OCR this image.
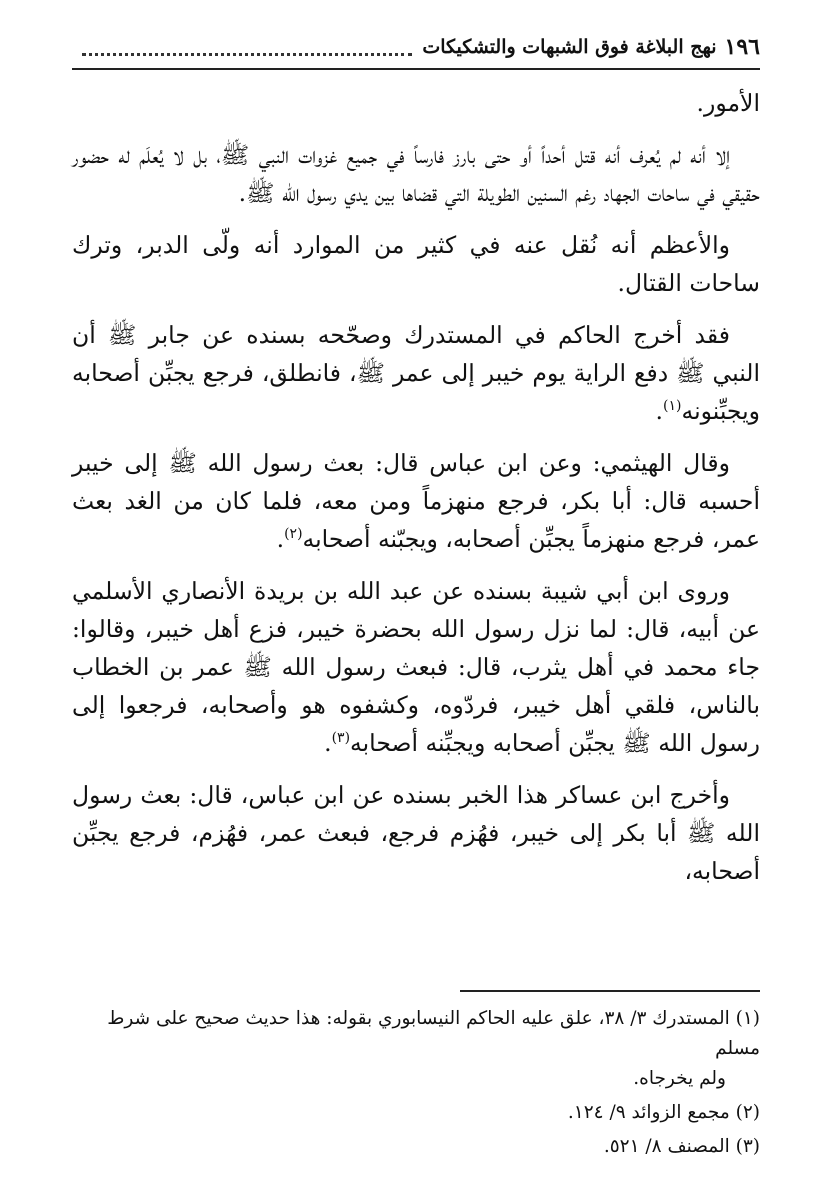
١٩٦
نهج البلاغة فوق الشبهات والتشكيكات

الأمور.

إلا أنه لم يُعرف أنه قتل أحداً أو حتى بارز فارساً في جميع غزوات النبي ﷺ، بل لا يُعلَم له حضور حقيقي في ساحات الجهاد رغم السنين الطويلة التي قضاها بين يدي رسول الله ﷺ.

والأعظم أنه نُقل عنه في كثير من الموارد أنه ولّى الدبر، وترك ساحات القتال.

فقد أخرج الحاكم في المستدرك وصحّحه بسنده عن جابر ﷺ أن النبي ﷺ دفع الراية يوم خيبر إلى عمر ﷺ، فانطلق، فرجع يجبِّن أصحابه ويجبِّنونه$^{(١)}$.

وقال الهيثمي: وعن ابن عباس قال: بعث رسول الله ﷺ إلى خيبر أحسبه قال: أبا بكر، فرجع منهزماً ومن معه، فلما كان من الغد بعث عمر، فرجع منهزماً يجبِّن أصحابه، ويجبّنه أصحابه$^{(٢)}$.

وروى ابن أبي شيبة بسنده عن عبد الله بن بريدة الأنصاري الأسلمي عن أبيه، قال: لما نزل رسول الله بحضرة خيبر، فزع أهل خيبر، وقالوا: جاء محمد في أهل يثرب، قال: فبعث رسول الله ﷺ عمر بن الخطاب بالناس، فلقي أهل خيبر، فردّوه، وكشفوه هو وأصحابه، فرجعوا إلى رسول الله ﷺ يجبِّن أصحابه ويجبِّنه أصحابه$^{(٣)}$.

وأخرج ابن عساكر هذا الخبر بسنده عن ابن عباس، قال: بعث رسول الله ﷺ أبا بكر إلى خيبر، فهُزم فرجع، فبعث عمر، فهُزم، فرجع يجبِّن أصحابه،

(١) المستدرك ٣/ ٣٨، علق عليه الحاكم النيسابوري بقوله: هذا حديث صحيح على شرط مسلم
ولم يخرجاه.
(٢) مجمع الزوائد ٩/ ١٢٤.
(٣) المصنف ٨/ ٥٢١.
